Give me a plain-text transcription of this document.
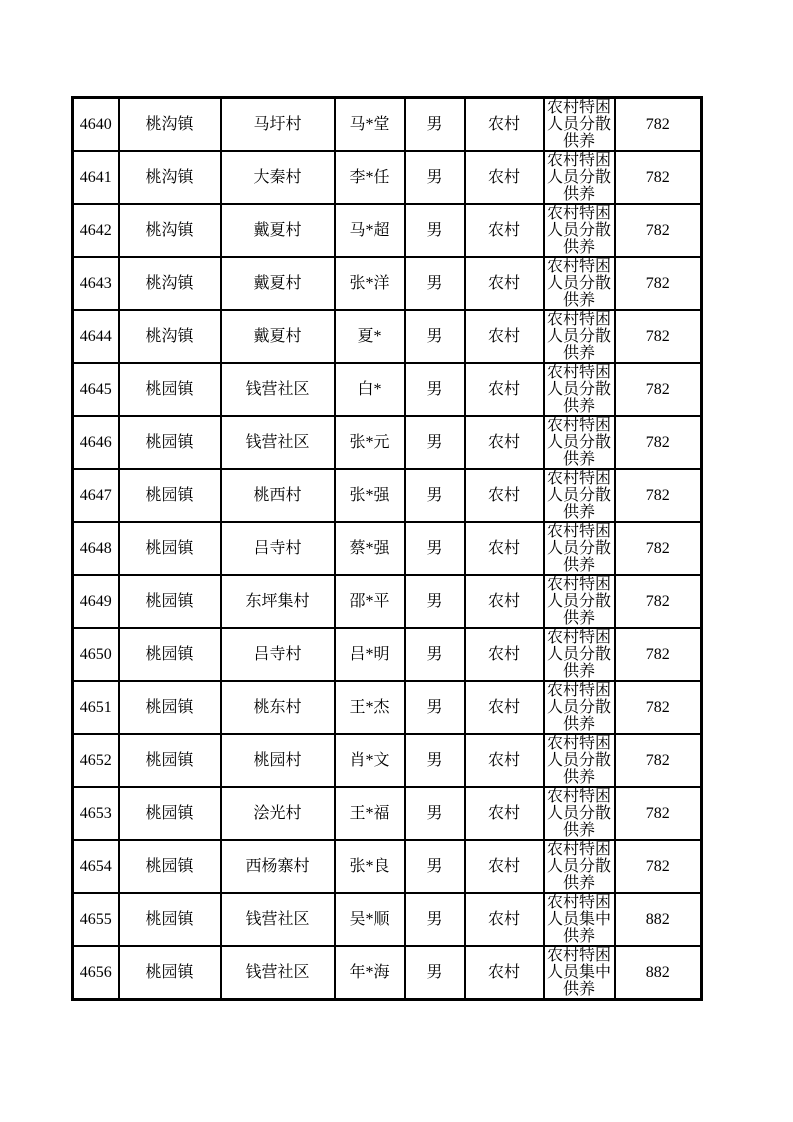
4640	桃沟镇	马圩村	马*堂	男	农村	农村特困人员分散供养	782
4641	桃沟镇	大秦村	李*任	男	农村	农村特困人员分散供养	782
4642	桃沟镇	戴夏村	马*超	男	农村	农村特困人员分散供养	782
4643	桃沟镇	戴夏村	张*洋	男	农村	农村特困人员分散供养	782
4644	桃沟镇	戴夏村	夏*	男	农村	农村特困人员分散供养	782
4645	桃园镇	钱营社区	白*	男	农村	农村特困人员分散供养	782
4646	桃园镇	钱营社区	张*元	男	农村	农村特困人员分散供养	782
4647	桃园镇	桃西村	张*强	男	农村	农村特困人员分散供养	782
4648	桃园镇	吕寺村	蔡*强	男	农村	农村特困人员分散供养	782
4649	桃园镇	东坪集村	邵*平	男	农村	农村特困人员分散供养	782
4650	桃园镇	吕寺村	吕*明	男	农村	农村特困人员分散供养	782
4651	桃园镇	桃东村	王*杰	男	农村	农村特困人员分散供养	782
4652	桃园镇	桃园村	肖*文	男	农村	农村特困人员分散供养	782
4653	桃园镇	浍光村	王*福	男	农村	农村特困人员分散供养	782
4654	桃园镇	西杨寨村	张*良	男	农村	农村特困人员分散供养	782
4655	桃园镇	钱营社区	吴*顺	男	农村	农村特困人员集中供养	882
4656	桃园镇	钱营社区	年*海	男	农村	农村特困人员集中供养	882
